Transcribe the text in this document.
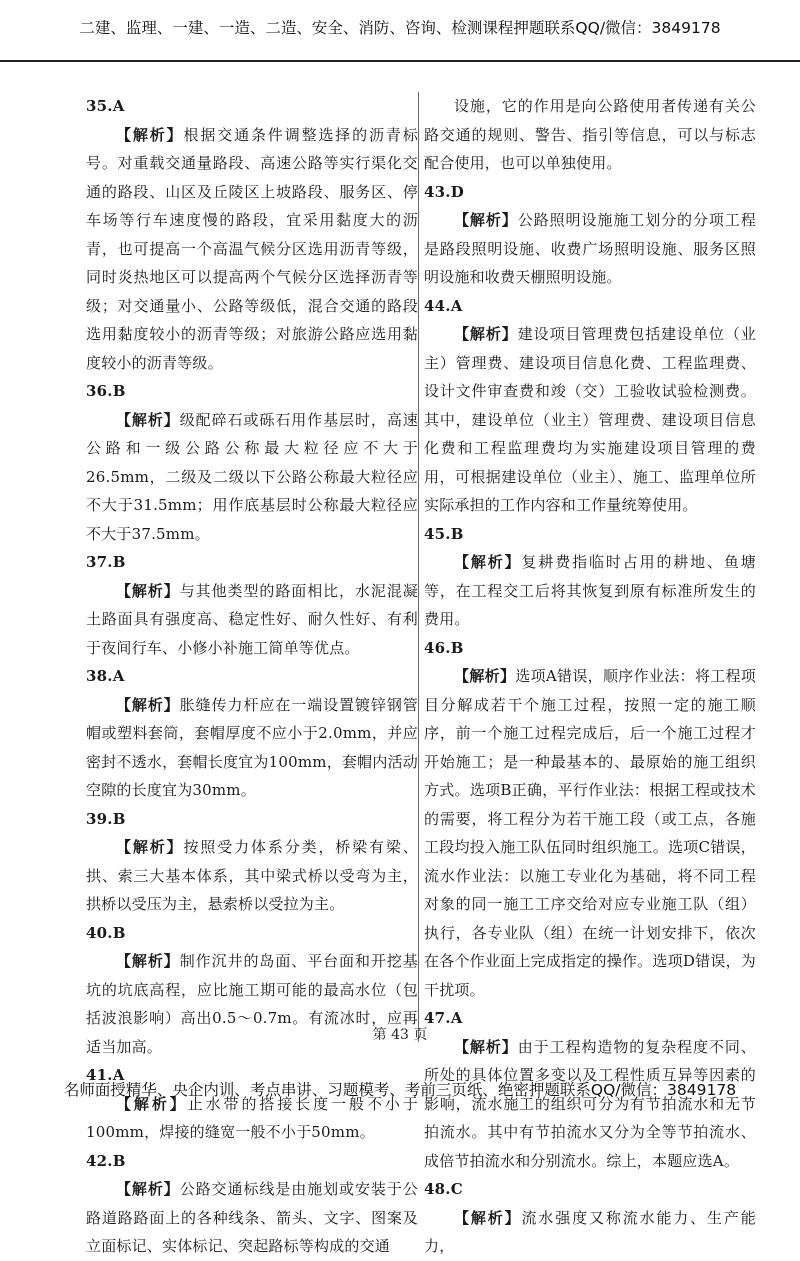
二建、监理、一建、一造、二造、安全、消防、咨询、检测课程押题联系QQ/微信：3849178
35.A
【解析】根据交通条件调整选择的沥青标号。对重载交通量路段、高速公路等实行渠化交通的路段、山区及丘陵区上坡路段、服务区、停车场等行车速度慢的路段，宜采用黏度大的沥青，也可提高一个高温气候分区选用沥青等级，同时炎热地区可以提高两个气候分区选择沥青等级；对交通量小、公路等级低，混合交通的路段选用黏度较小的沥青等级；对旅游公路应选用黏度较小的沥青等级。
36.B
【解析】级配碎石或砾石用作基层时，高速公路和一级公路公称最大粒径应不大于26.5mm，二级及二级以下公路公称最大粒径应不大于31.5mm；用作底基层时公称最大粒径应不大于37.5mm。
37.B
【解析】与其他类型的路面相比，水泥混凝土路面具有强度高、稳定性好、耐久性好、有利于夜间行车、小修小补施工简单等优点。
38.A
【解析】胀缝传力杆应在一端设置镀锌钢管帽或塑料套筒，套帽厚度不应小于2.0mm，并应密封不透水，套帽长度宜为100mm，套帽内活动空隙的长度宜为30mm。
39.B
【解析】按照受力体系分类，桥梁有梁、拱、索三大基本体系，其中梁式桥以受弯为主，拱桥以受压为主，悬索桥以受拉为主。
40.B
【解析】制作沉井的岛面、平台面和开挖基坑的坑底高程，应比施工期可能的最高水位（包括波浪影响）高出0.5～0.7m。有流冰时，应再适当加高。
41.A
【解析】止水带的搭接长度一般不小于100mm，焊接的缝宽一般不小于50mm。
42.B
【解析】公路交通标线是由施划或安装于公路道路路面上的各种线条、箭头、文字、图案及立面标记、实体标记、突起路标等构成的交通
设施，它的作用是向公路使用者传递有关公路交通的规则、警告、指引等信息，可以与标志配合使用，也可以单独使用。
43.D
【解析】公路照明设施施工划分的分项工程是路段照明设施、收费广场照明设施、服务区照明设施和收费天棚照明设施。
44.A
【解析】建设项目管理费包括建设单位（业主）管理费、建设项目信息化费、工程监理费、设计文件审查费和竣（交）工验收试验检测费。其中，建设单位（业主）管理费、建设项目信息化费和工程监理费均为实施建设项目管理的费用，可根据建设单位（业主）、施工、监理单位所实际承担的工作内容和工作量统筹使用。
45.B
【解析】复耕费指临时占用的耕地、鱼塘等，在工程交工后将其恢复到原有标准所发生的费用。
46.B
【解析】选项A错误，顺序作业法：将工程项目分解成若干个施工过程，按照一定的施工顺序，前一个施工过程完成后，后一个施工过程才开始施工；是一种最基本的、最原始的施工组织方式。选项B正确，平行作业法：根据工程或技术的需要，将工程分为若干施工段（或工点，各施工段均投入施工队伍同时组织施工。选项C错误，流水作业法：以施工专业化为基础，将不同工程对象的同一施工工序交给对应专业施工队（组）执行，各专业队（组）在统一计划安排下，依次在各个作业面上完成指定的操作。选项D错误，为干扰项。
47.A
【解析】由于工程构造物的复杂程度不同、所处的具体位置多变以及工程性质互异等因素的影响，流水施工的组织可分为有节拍流水和无节拍流水。其中有节拍流水又分为全等节拍流水、成倍节拍流水和分别流水。综上，本题应选A。
48.C
【解析】流水强度又称流水能力、生产能力，
第 43 页
名师面授精华、央企内训、考点串讲、习题模考、考前三页纸、绝密押题联系QQ/微信：3849178
